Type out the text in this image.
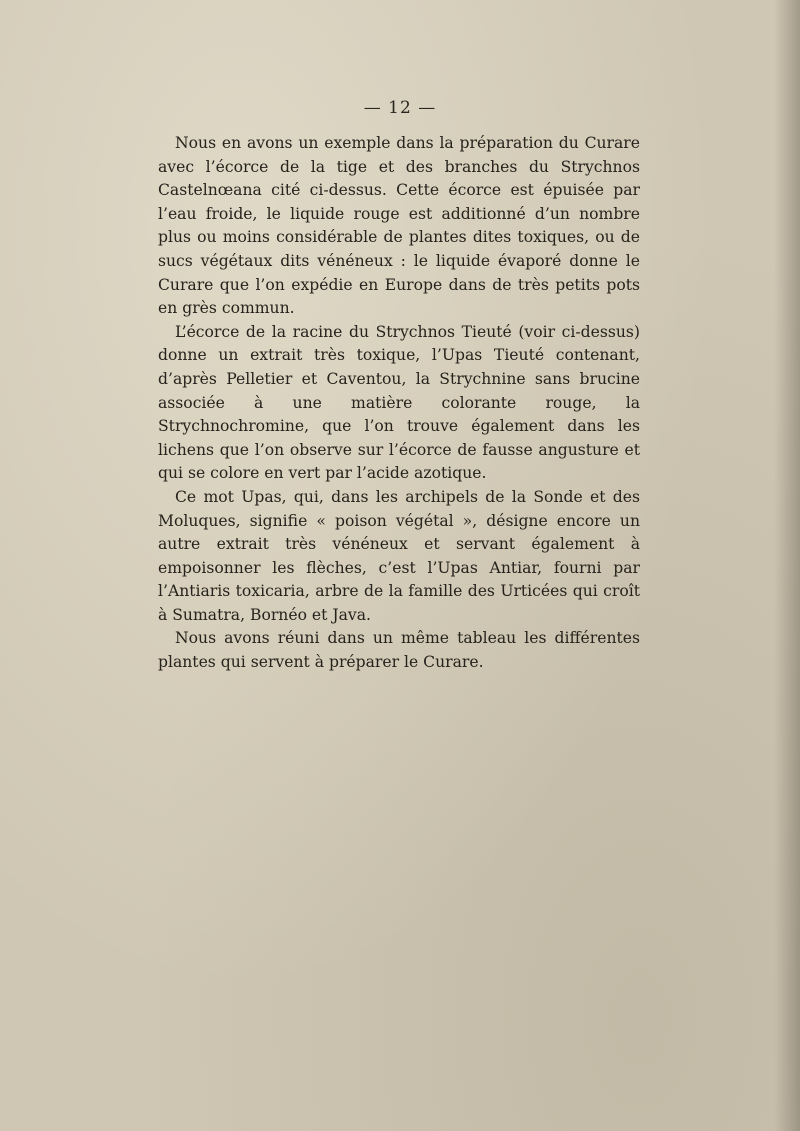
— 12 —

Nous en avons un exemple dans la préparation du Curare avec l’écorce de la tige et des branches du Strychnos Castelnœana cité ci-dessus. Cette écorce est épuisée par l’eau froide, le liquide rouge est additionné d’un nombre plus ou moins considérable de plantes dites toxiques, ou de sucs végétaux dits vénéneux : le liquide évaporé donne le Curare que l’on expédie en Europe dans de très petits pots en grès commun.

L’écorce de la racine du Strychnos Tieuté (voir ci-dessus) donne un extrait très toxique, l’Upas Tieuté contenant, d’après Pelletier et Caventou, la Strychnine sans brucine associée à une matière colorante rouge, la Strychnochromine, que l’on trouve également dans les lichens que l’on observe sur l’écorce de fausse angusture et qui se colore en vert par l’acide azotique.

Ce mot Upas, qui, dans les archipels de la Sonde et des Moluques, signifie « poison végétal », désigne encore un autre extrait très vénéneux et servant également à empoisonner les flèches, c’est l’Upas Antiar, fourni par l’Antiaris toxicaria, arbre de la famille des Urticées qui croît à Sumatra, Bornéo et Java.

Nous avons réuni dans un même tableau les différentes plantes qui servent à préparer le Curare.
